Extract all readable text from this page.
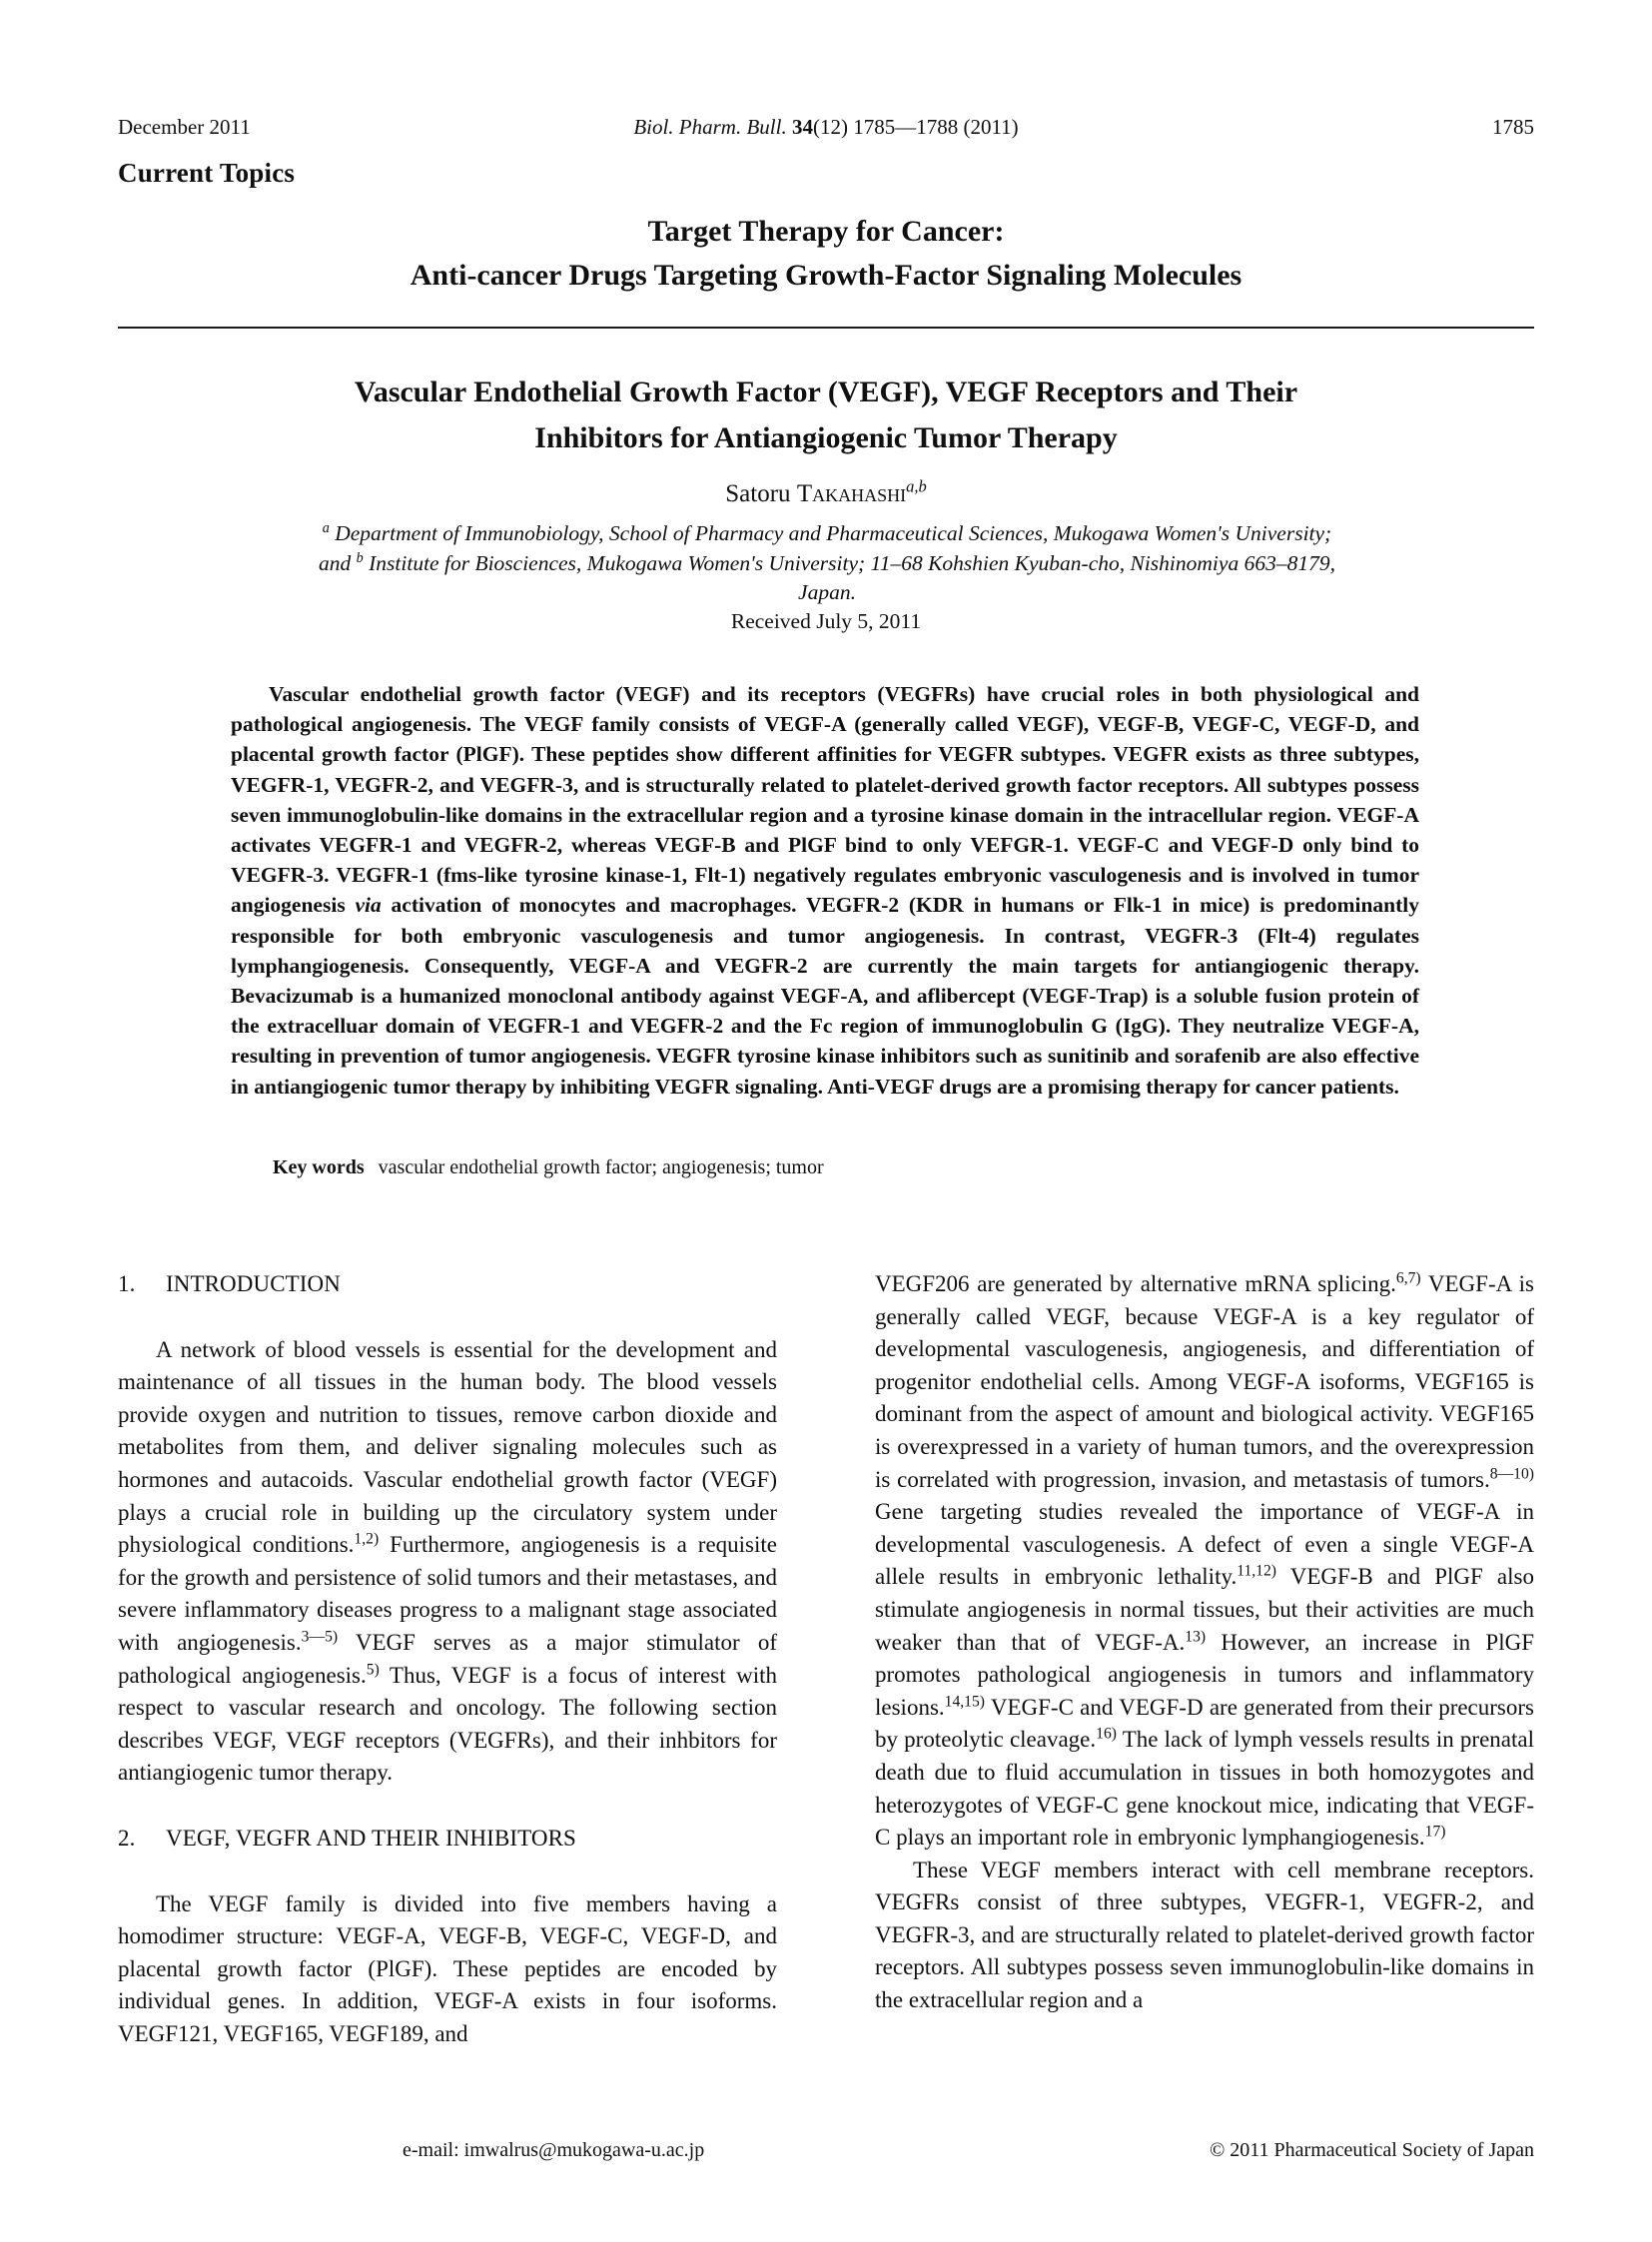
December 2011	Biol. Pharm. Bull. 34(12) 1785—1788 (2011)	1785
Current Topics
Target Therapy for Cancer:
Anti-cancer Drugs Targeting Growth-Factor Signaling Molecules
Vascular Endothelial Growth Factor (VEGF), VEGF Receptors and Their
Inhibitors for Antiangiogenic Tumor Therapy
Satoru Takahashi$^{a,b}$
$^a$ Department of Immunobiology, School of Pharmacy and Pharmaceutical Sciences, Mukogawa Women's University; and $^b$ Institute for Biosciences, Mukogawa Women's University; 11–68 Kohshien Kyuban-cho, Nishinomiya 663–8179, Japan.
Received July 5, 2011
Vascular endothelial growth factor (VEGF) and its receptors (VEGFRs) have crucial roles in both physiological and pathological angiogenesis. The VEGF family consists of VEGF-A (generally called VEGF), VEGF-B, VEGF-C, VEGF-D, and placental growth factor (PlGF). These peptides show different affinities for VEGFR subtypes. VEGFR exists as three subtypes, VEGFR-1, VEGFR-2, and VEGFR-3, and is structurally related to platelet-derived growth factor receptors. All subtypes possess seven immunoglobulin-like domains in the extracellular region and a tyrosine kinase domain in the intracellular region. VEGF-A activates VEGFR-1 and VEGFR-2, whereas VEGF-B and PlGF bind to only VEFGR-1. VEGF-C and VEGF-D only bind to VEGFR-3. VEGFR-1 (fms-like tyrosine kinase-1, Flt-1) negatively regulates embryonic vasculogenesis and is involved in tumor angiogenesis via activation of monocytes and macrophages. VEGFR-2 (KDR in humans or Flk-1 in mice) is predominantly responsible for both embryonic vasculogenesis and tumor angiogenesis. In contrast, VEGFR-3 (Flt-4) regulates lymphangiogenesis. Consequently, VEGF-A and VEGFR-2 are currently the main targets for antiangiogenic therapy. Bevacizumab is a humanized monoclonal antibody against VEGF-A, and aflibercept (VEGF-Trap) is a soluble fusion protein of the extracelluar domain of VEGFR-1 and VEGFR-2 and the Fc region of immunoglobulin G (IgG). They neutralize VEGF-A, resulting in prevention of tumor angiogenesis. VEGFR tyrosine kinase inhibitors such as sunitinib and sorafenib are also effective in antiangiogenic tumor therapy by inhibiting VEGFR signaling. Anti-VEGF drugs are a promising therapy for cancer patients.
Key words vascular endothelial growth factor; angiogenesis; tumor
1. INTRODUCTION

A network of blood vessels is essential for the development and maintenance of all tissues in the human body. The blood vessels provide oxygen and nutrition to tissues, remove carbon dioxide and metabolites from them, and deliver signaling molecules such as hormones and autacoids. Vascular endothelial growth factor (VEGF) plays a crucial role in building up the circulatory system under physiological conditions.$^{1,2)}$ Furthermore, angiogenesis is a requisite for the growth and persistence of solid tumors and their metastases, and severe inflammatory diseases progress to a malignant stage associated with angiogenesis.$^{3—5)}$ VEGF serves as a major stimulator of pathological angiogenesis.$^{5)}$ Thus, VEGF is a focus of interest with respect to vascular research and oncology. The following section describes VEGF, VEGF receptors (VEGFRs), and their inhbitors for antiangiogenic tumor therapy.

2. VEGF, VEGFR AND THEIR INHIBITORS

The VEGF family is divided into five members having a homodimer structure: VEGF-A, VEGF-B, VEGF-C, VEGF-D, and placental growth factor (PlGF). These peptides are encoded by individual genes. In addition, VEGF-A exists in four isoforms. VEGF121, VEGF165, VEGF189, and

VEGF206 are generated by alternative mRNA splicing.$^{6,7)}$ VEGF-A is generally called VEGF, because VEGF-A is a key regulator of developmental vasculogenesis, angiogenesis, and differentiation of progenitor endothelial cells. Among VEGF-A isoforms, VEGF165 is dominant from the aspect of amount and biological activity. VEGF165 is overexpressed in a variety of human tumors, and the overexpression is correlated with progression, invasion, and metastasis of tumors.$^{8—10)}$ Gene targeting studies revealed the importance of VEGF-A in developmental vasculogenesis. A defect of even a single VEGF-A allele results in embryonic lethality.$^{11,12)}$ VEGF-B and PlGF also stimulate angiogenesis in normal tissues, but their activities are much weaker than that of VEGF-A.$^{13)}$ However, an increase in PlGF promotes pathological angiogenesis in tumors and inflammatory lesions.$^{14,15)}$ VEGF-C and VEGF-D are generated from their precursors by proteolytic cleavage.$^{16)}$ The lack of lymph vessels results in prenatal death due to fluid accumulation in tissues in both homozygotes and heterozygotes of VEGF-C gene knockout mice, indicating that VEGF-C plays an important role in embryonic lymphangiogenesis.$^{17)}$

These VEGF members interact with cell membrane receptors. VEGFRs consist of three subtypes, VEGFR-1, VEGFR-2, and VEGFR-3, and are structurally related to platelet-derived growth factor receptors. All subtypes possess seven immunoglobulin-like domains in the extracellular region and a

e-mail: imwalrus@mukogawa-u.ac.jp	© 2011 Pharmaceutical Society of Japan
